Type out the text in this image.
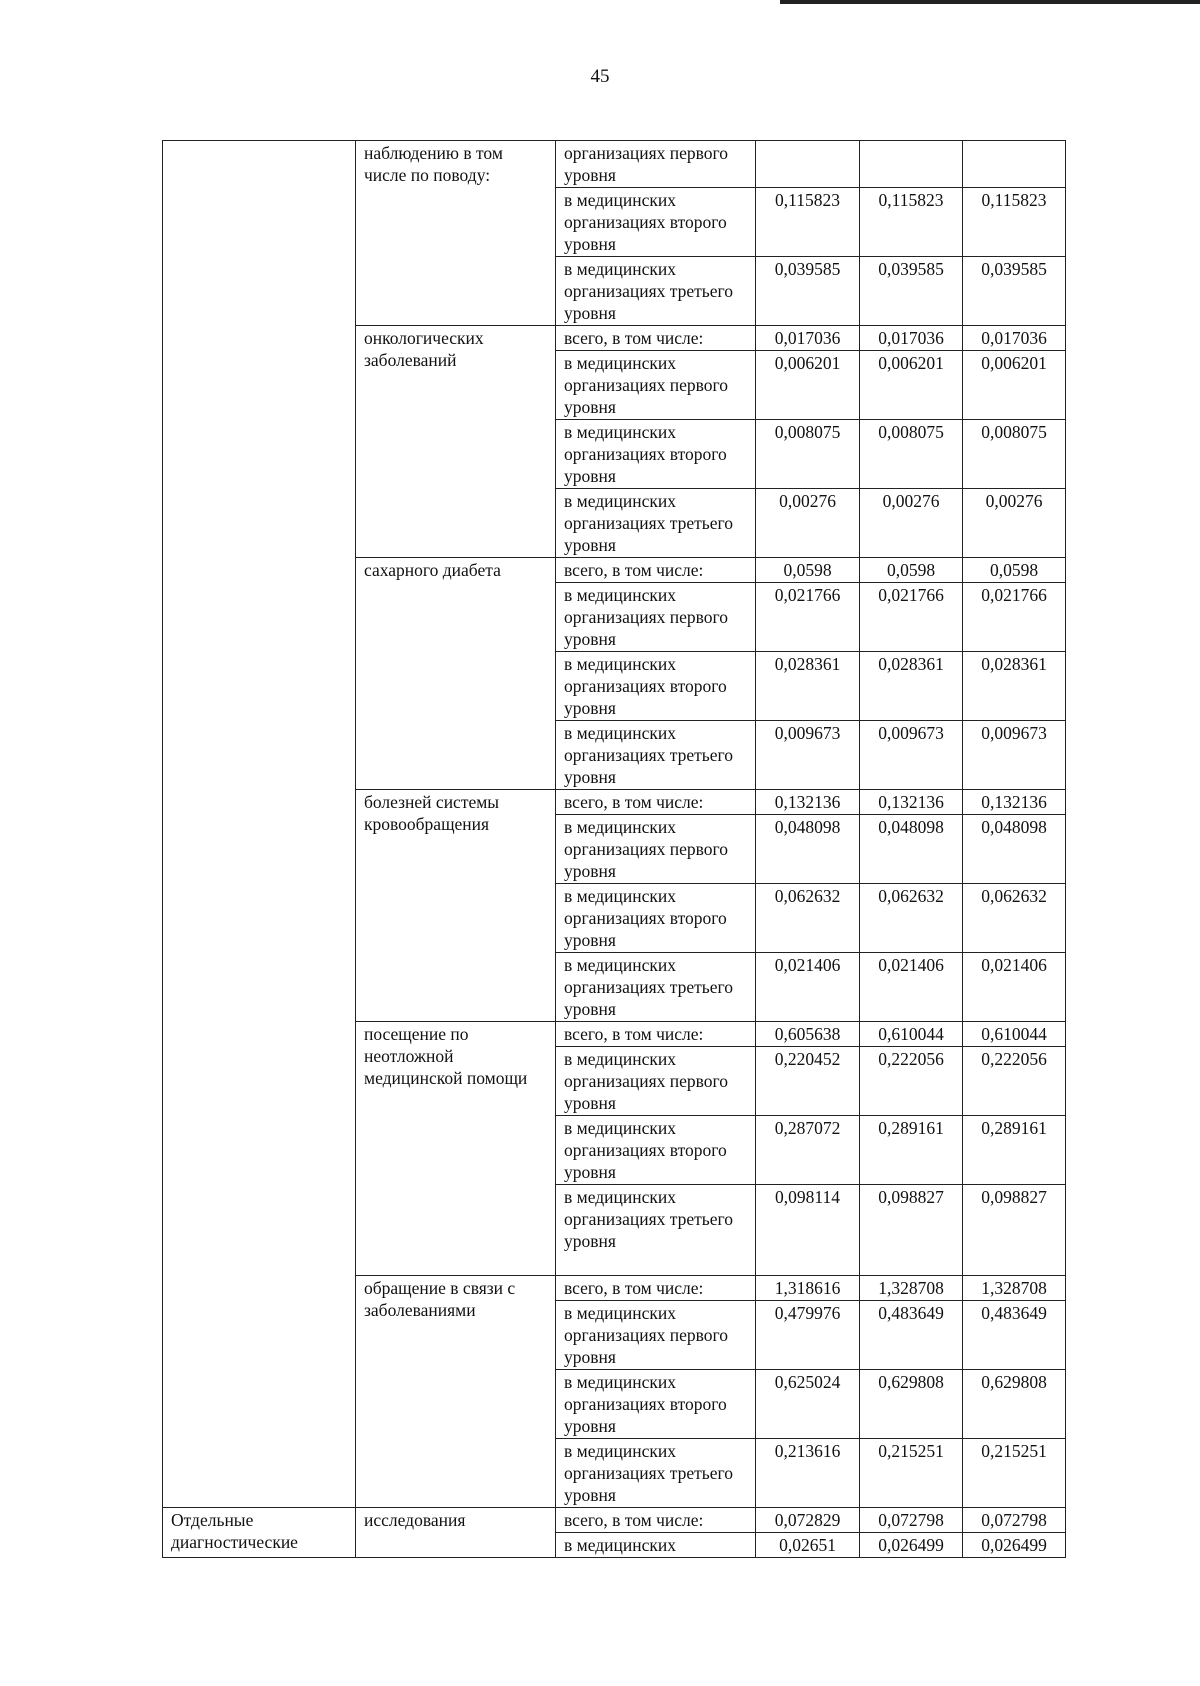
45
	наблюдению в том числе по поводу:	организациях первого уровня			
		в медицинских организациях второго уровня	0,115823	0,115823	0,115823
		в медицинских организациях третьего уровня	0,039585	0,039585	0,039585
	онкологических заболеваний	всего, в том числе:	0,017036	0,017036	0,017036
		в медицинских организациях первого уровня	0,006201	0,006201	0,006201
		в медицинских организациях второго уровня	0,008075	0,008075	0,008075
		в медицинских организациях третьего уровня	0,00276	0,00276	0,00276
	сахарного диабета	всего, в том числе:	0,0598	0,0598	0,0598
		в медицинских организациях первого уровня	0,021766	0,021766	0,021766
		в медицинских организациях второго уровня	0,028361	0,028361	0,028361
		в медицинских организациях третьего уровня	0,009673	0,009673	0,009673
	болезней системы кровообращения	всего, в том числе:	0,132136	0,132136	0,132136
		в медицинских организациях первого уровня	0,048098	0,048098	0,048098
		в медицинских организациях второго уровня	0,062632	0,062632	0,062632
		в медицинских организациях третьего уровня	0,021406	0,021406	0,021406
	посещение по неотложной медицинской помощи	всего, в том числе:	0,605638	0,610044	0,610044
		в медицинских организациях первого уровня	0,220452	0,222056	0,222056
		в медицинских организациях второго уровня	0,287072	0,289161	0,289161
		в медицинских организациях третьего уровня	0,098114	0,098827	0,098827
	обращение в связи с заболеваниями	всего, в том числе:	1,318616	1,328708	1,328708
		в медицинских организациях первого уровня	0,479976	0,483649	0,483649
		в медицинских организациях второго уровня	0,625024	0,629808	0,629808
		в медицинских организациях третьего уровня	0,213616	0,215251	0,215251
Отдельные диагностические	исследования	всего, в том числе:	0,072829	0,072798	0,072798
		в медицинских	0,02651	0,026499	0,026499
